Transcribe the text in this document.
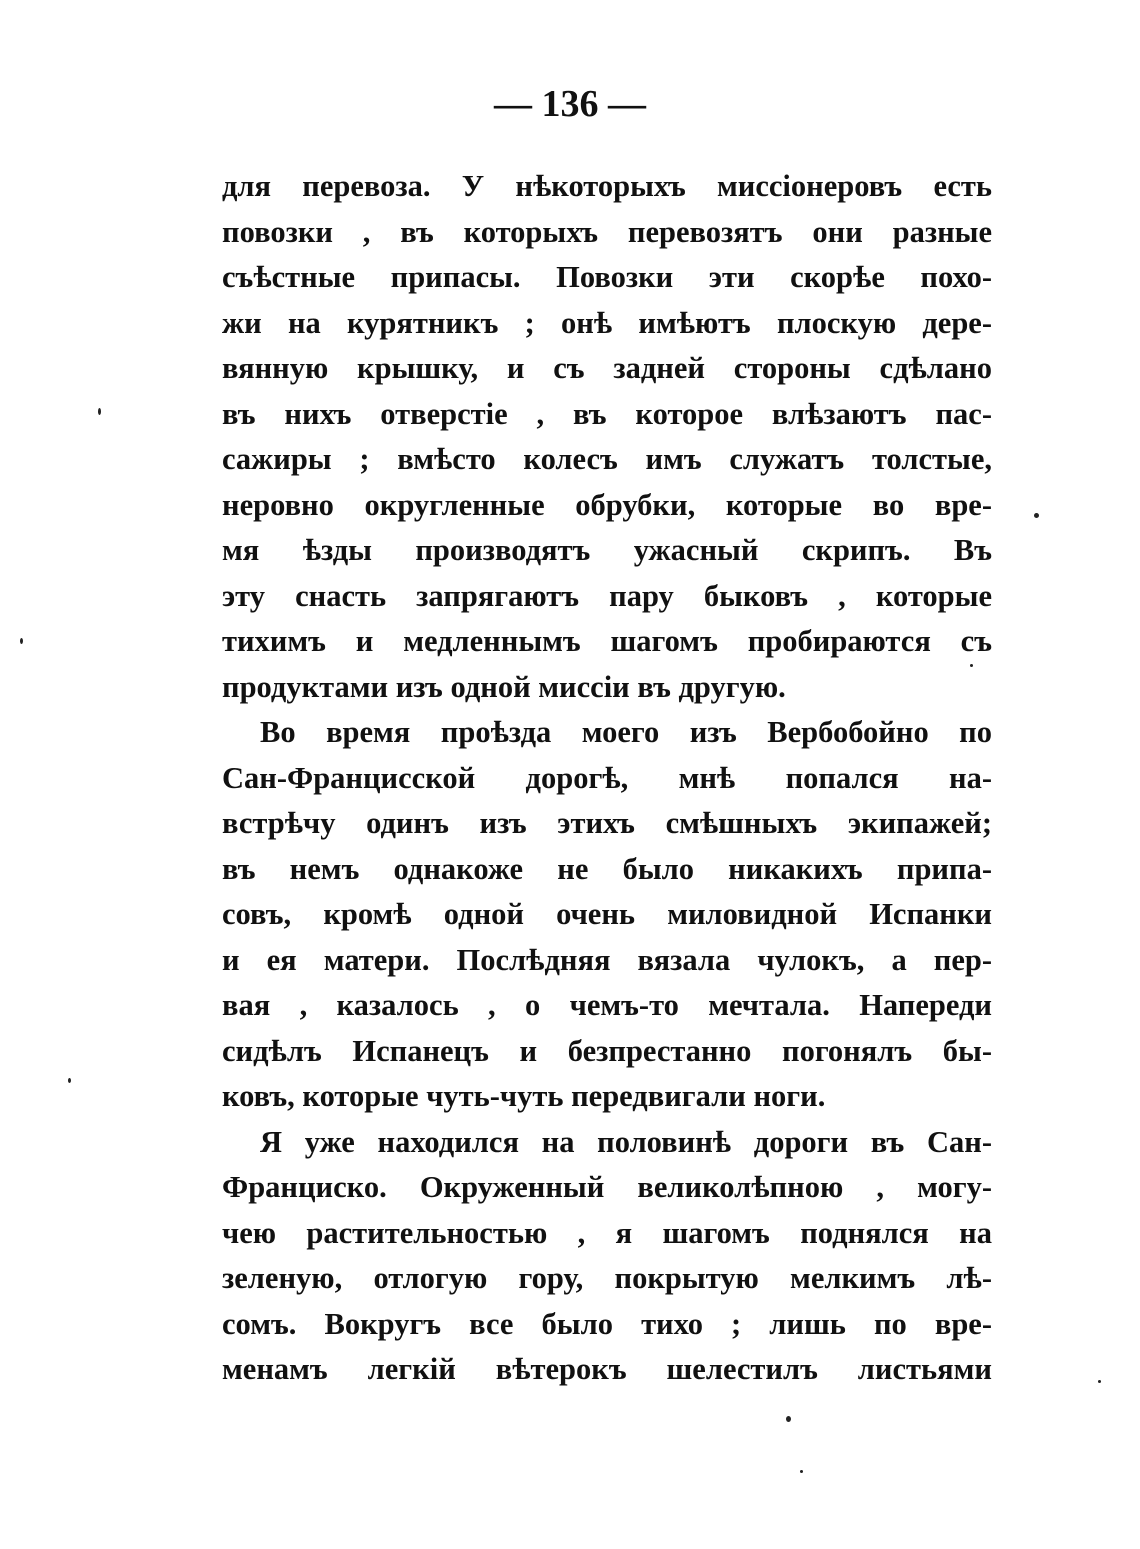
— 136 —
для перевоза. У нѣкоторыхъ миссіонеровъ есть
повозки , въ которыхъ перевозятъ они разные
съѣстные припасы. Повозки эти скорѣе похо-
жи на курятникъ ; онѣ имѣютъ плоскую дере-
вянную крышку, и съ задней стороны сдѣлано
въ нихъ отверстіе , въ которое влѣзаютъ пас-
сажиры ; вмѣсто колесъ имъ служатъ толстые,
неровно округленные обрубки, которые во вре-
мя ѣзды производятъ ужасный скрипъ. Въ
эту снасть запрягаютъ пару быковъ , которые
тихимъ и медленнымъ шагомъ пробираются съ
продуктами изъ одной миссіи въ другую.
Во время проѣзда моего изъ Вербобойно по
Сан-Францисской дорогѣ, мнѣ попался на-
встрѣчу одинъ изъ этихъ смѣшныхъ экипажей;
въ немъ однакоже не было никакихъ припа-
совъ, кромѣ одной очень миловидной Испанки
и ея матери. Послѣдняя вязала чулокъ, а пер-
вая , казалось , о чемъ-то мечтала. Напереди
сидѣлъ Испанецъ и безпрестанно погонялъ бы-
ковъ, которые чуть-чуть передвигали ноги.
Я уже находился на половинѣ дороги въ Сан-
Франциско. Окруженный великолѣпною , могу-
чею растительностью , я шагомъ поднялся на
зеленую, отлогую гору, покрытую мелкимъ лѣ-
сомъ. Вокругъ все было тихо ; лишь по вре-
менамъ легкій вѣтерокъ шелестилъ листьями
